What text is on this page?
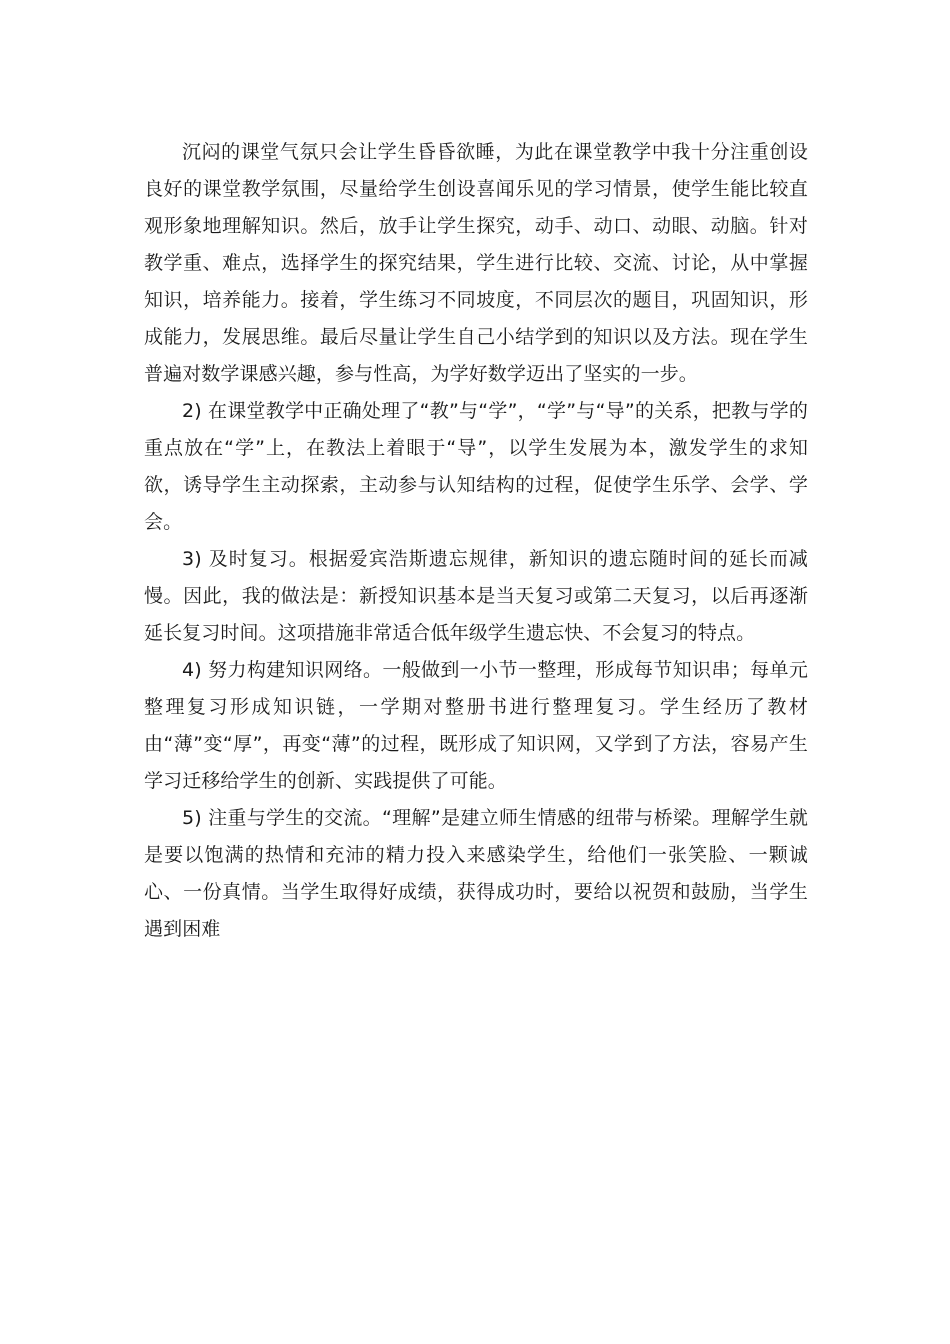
沉闷的课堂气氛只会让学生昏昏欲睡，为此在课堂教学中我十分注重创设良好的课堂教学氛围，尽量给学生创设喜闻乐见的学习情景，使学生能比较直观形象地理解知识。然后，放手让学生探究，动手、动口、动眼、动脑。针对教学重、难点，选择学生的探究结果，学生进行比较、交流、讨论，从中掌握知识，培养能力。接着，学生练习不同坡度，不同层次的题目，巩固知识，形成能力，发展思维。最后尽量让学生自己小结学到的知识以及方法。现在学生普遍对数学课感兴趣，参与性高，为学好数学迈出了坚实的一步。

2) 在课堂教学中正确处理了“教”与“学”，“学”与“导”的关系，把教与学的重点放在“学”上，在教法上着眼于“导”，以学生发展为本，激发学生的求知欲，诱导学生主动探索，主动参与认知结构的过程，促使学生乐学、会学、学会。

3) 及时复习。根据爱宾浩斯遗忘规律，新知识的遗忘随时间的延长而减慢。因此，我的做法是：新授知识基本是当天复习或第二天复习，以后再逐渐延长复习时间。这项措施非常适合低年级学生遗忘快、不会复习的特点。

4) 努力构建知识网络。一般做到一小节一整理，形成每节知识串；每单元整理复习形成知识链，一学期对整册书进行整理复习。学生经历了教材由“薄”变“厚”，再变“薄”的过程，既形成了知识网，又学到了方法，容易产生学习迁移给学生的创新、实践提供了可能。

5) 注重与学生的交流。“理解”是建立师生情感的纽带与桥梁。理解学生就是要以饱满的热情和充沛的精力投入来感染学生，给他们一张笑脸、一颗诚心、一份真情。当学生取得好成绩，获得成功时，要给以祝贺和鼓励，当学生遇到困难
